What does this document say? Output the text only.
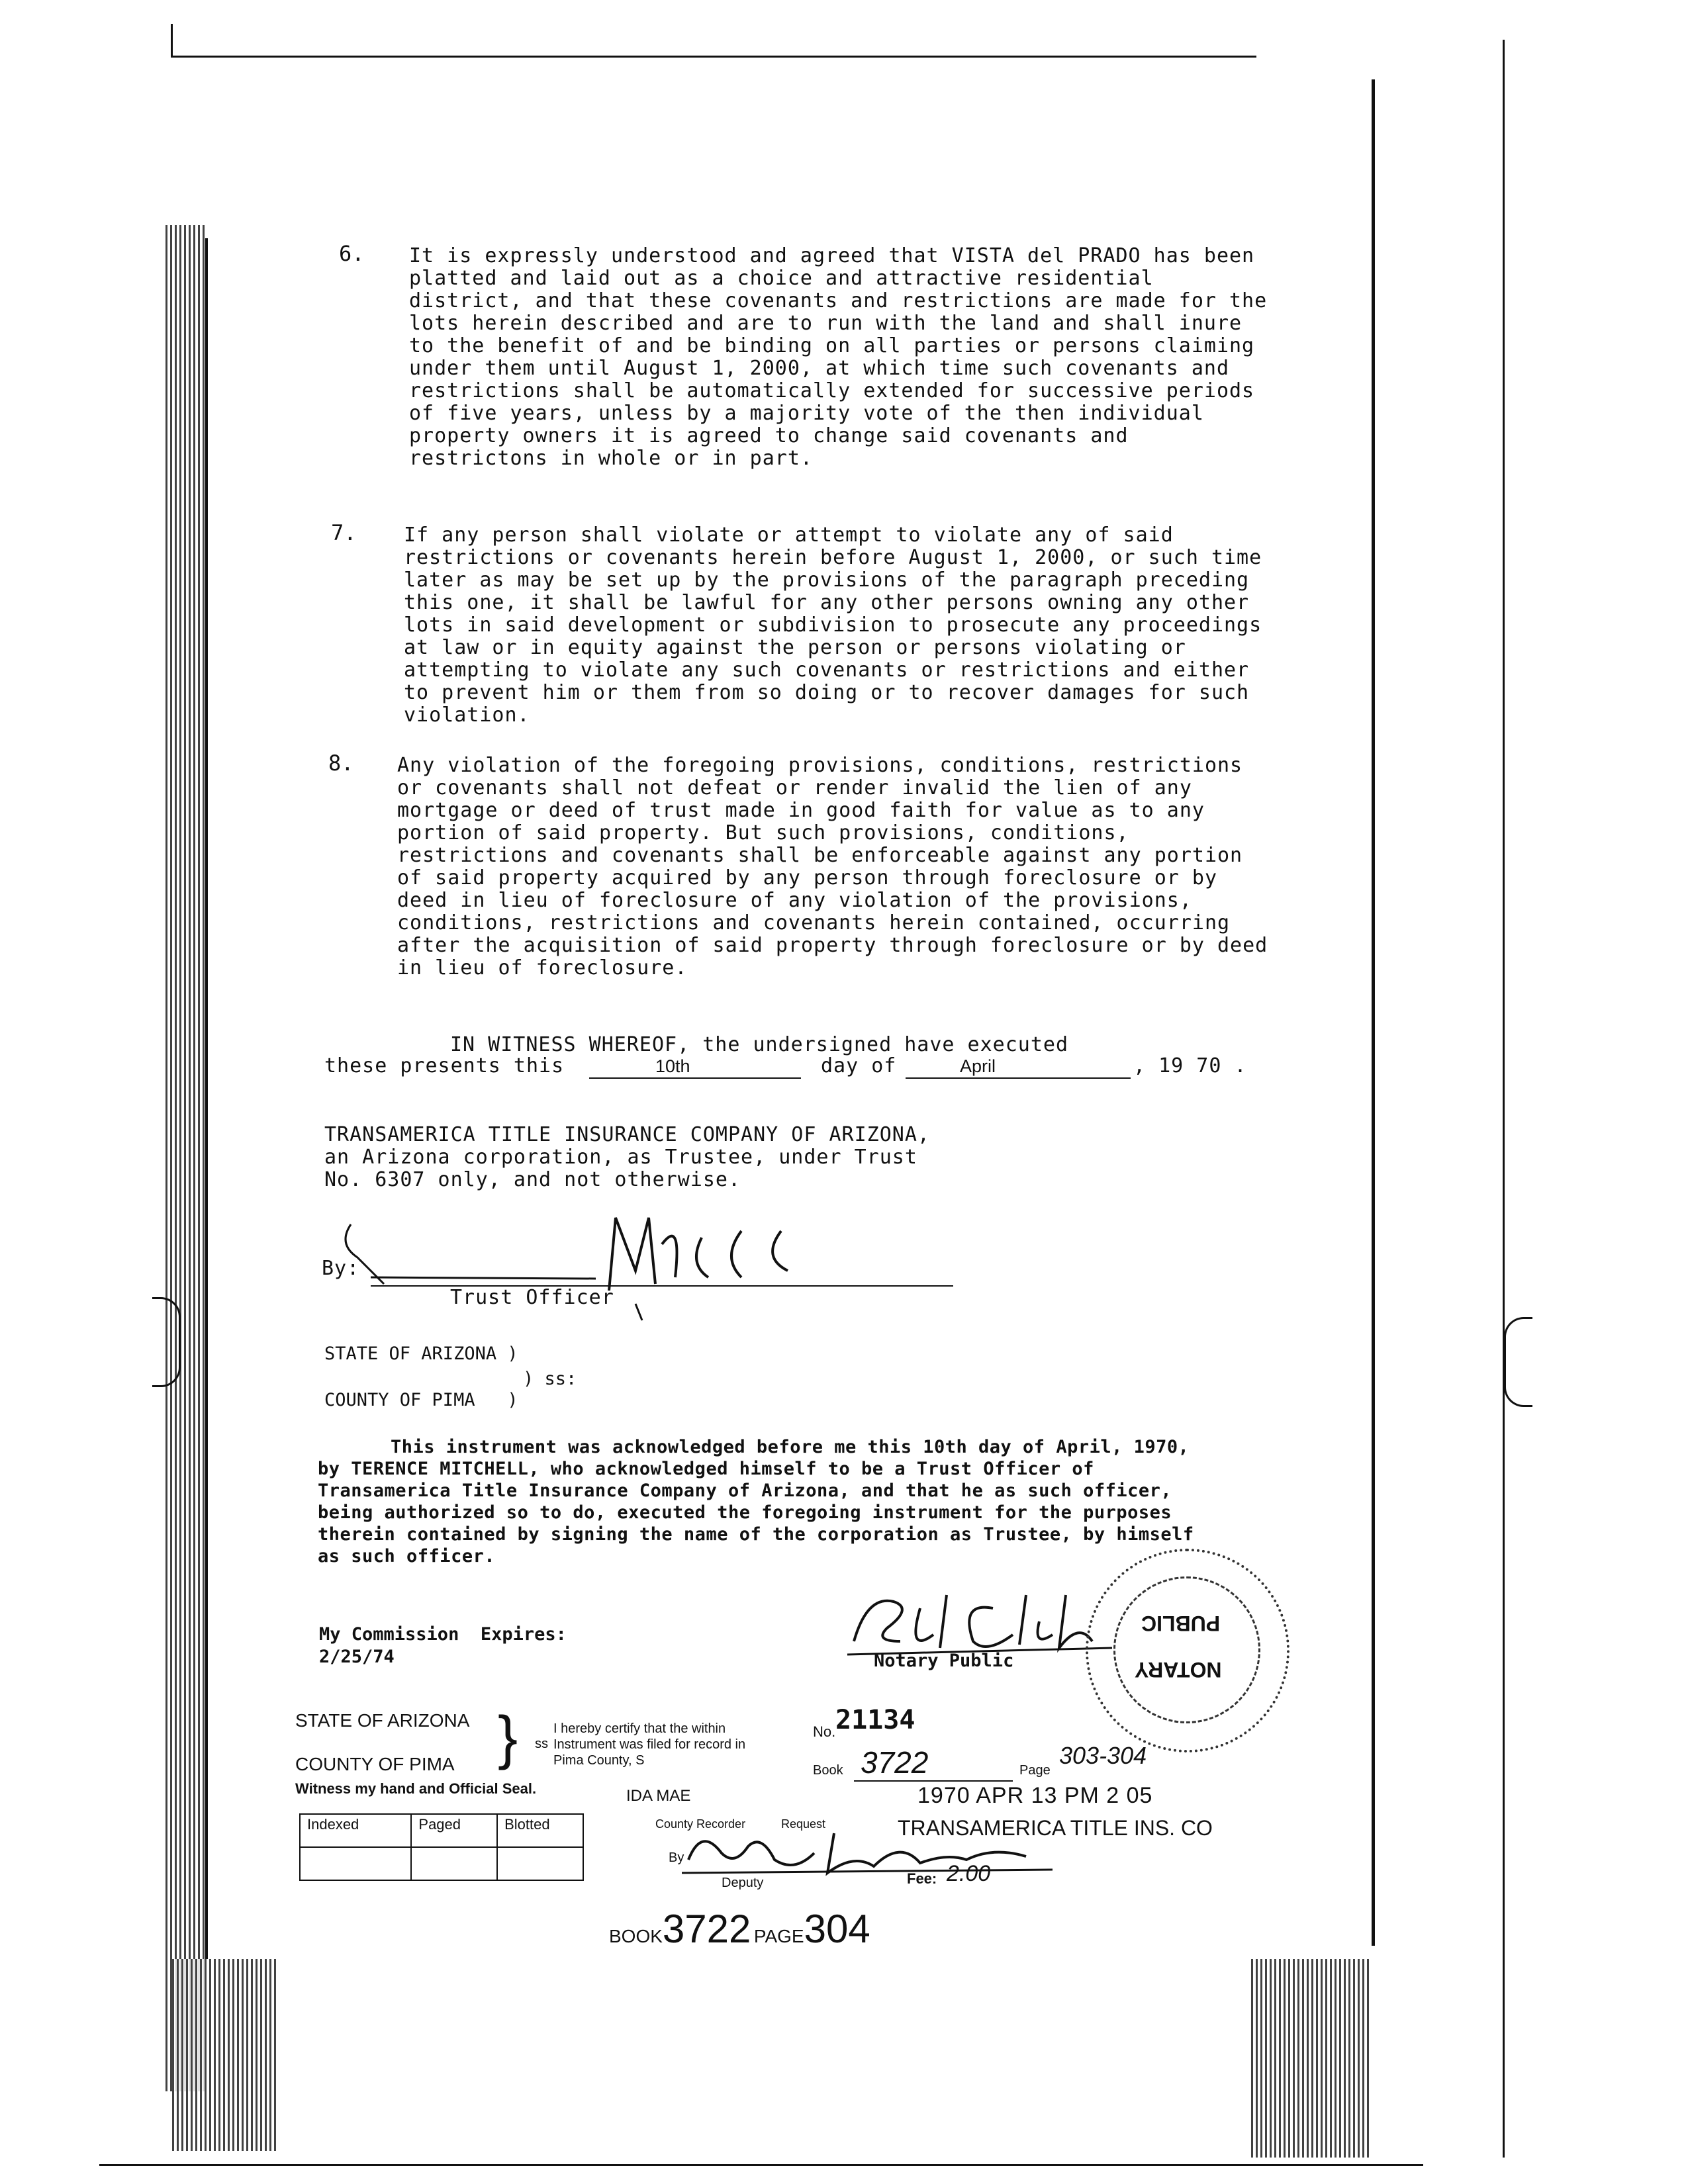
6. It is expressly understood and agreed that VISTA del PRADO has been platted and laid out as a choice and attractive residential district, and that these covenants and restrictions are made for the lots herein described and are to run with the land and shall inure to the benefit of and be binding on all parties or persons claiming under them until August 1, 2000, at which time such covenants and restrictions shall be automatically extended for successive periods of five years, unless by a majority vote of the then individual property owners it is agreed to change said covenants and restrictons in whole or in part.
7. If any person shall violate or attempt to violate any of said restrictions or covenants herein before August 1, 2000, or such time later as may be set up by the provisions of the paragraph preceding this one, it shall be lawful for any other persons owning any other lots in said development or subdivision to prosecute any proceedings at law or in equity against the person or persons violating or attempting to violate any such covenants or restrictions and either to prevent him or them from so doing or to recover damages for such violation.
8. Any violation of the foregoing provisions, conditions, restrictions or covenants shall not defeat or render invalid the lien of any mortgage or deed of trust made in good faith for value as to any portion of said property. But such provisions, conditions, restrictions and covenants shall be enforceable against any portion of said property acquired by any person through foreclosure or by deed in lieu of foreclosure of any violation of the provisions, conditions, restrictions and covenants herein contained, occurring after the acquisition of said property through foreclosure or by deed in lieu of foreclosure.
IN WITNESS WHEREOF, the undersigned have executed
these presents this	10th	day of	April	, 19 70 .
TRANSAMERICA TITLE INSURANCE COMPANY OF ARIZONA,
an Arizona corporation, as Trustee, under Trust
No. 6307 only, and not otherwise.
By:
Trust Officer
STATE OF ARIZONA )
) ss:
COUNTY OF PIMA   )
This instrument was acknowledged before me this 10th day of April, 1970, by TERENCE MITCHELL, who acknowledged himself to be a Trust Officer of Transamerica Title Insurance Company of Arizona, and that he as such officer, being authorized so to do, executed the foregoing instrument for the purposes therein contained by signing the name of the corporation as Trustee, by himself as such officer.
My Commission  Expires:
2/25/74	Notary Public
PUBLIC
NOTARY
STATE OF ARIZONA
COUNTY OF PIMA } ss
I hereby certify that the within Instrument was filed for record in Pima County, S
Witness my hand and Official Seal.
No. 21134
Book 3722	Page
303-304
IDA MAE	1970 APR 13 PM 2 05
County Recorder	Request	TRANSAMERICA TITLE INS. CO
By
Deputy	Fee: 2.00
Indexed	Paged	Blotted

BOOK3722 PAGE304
